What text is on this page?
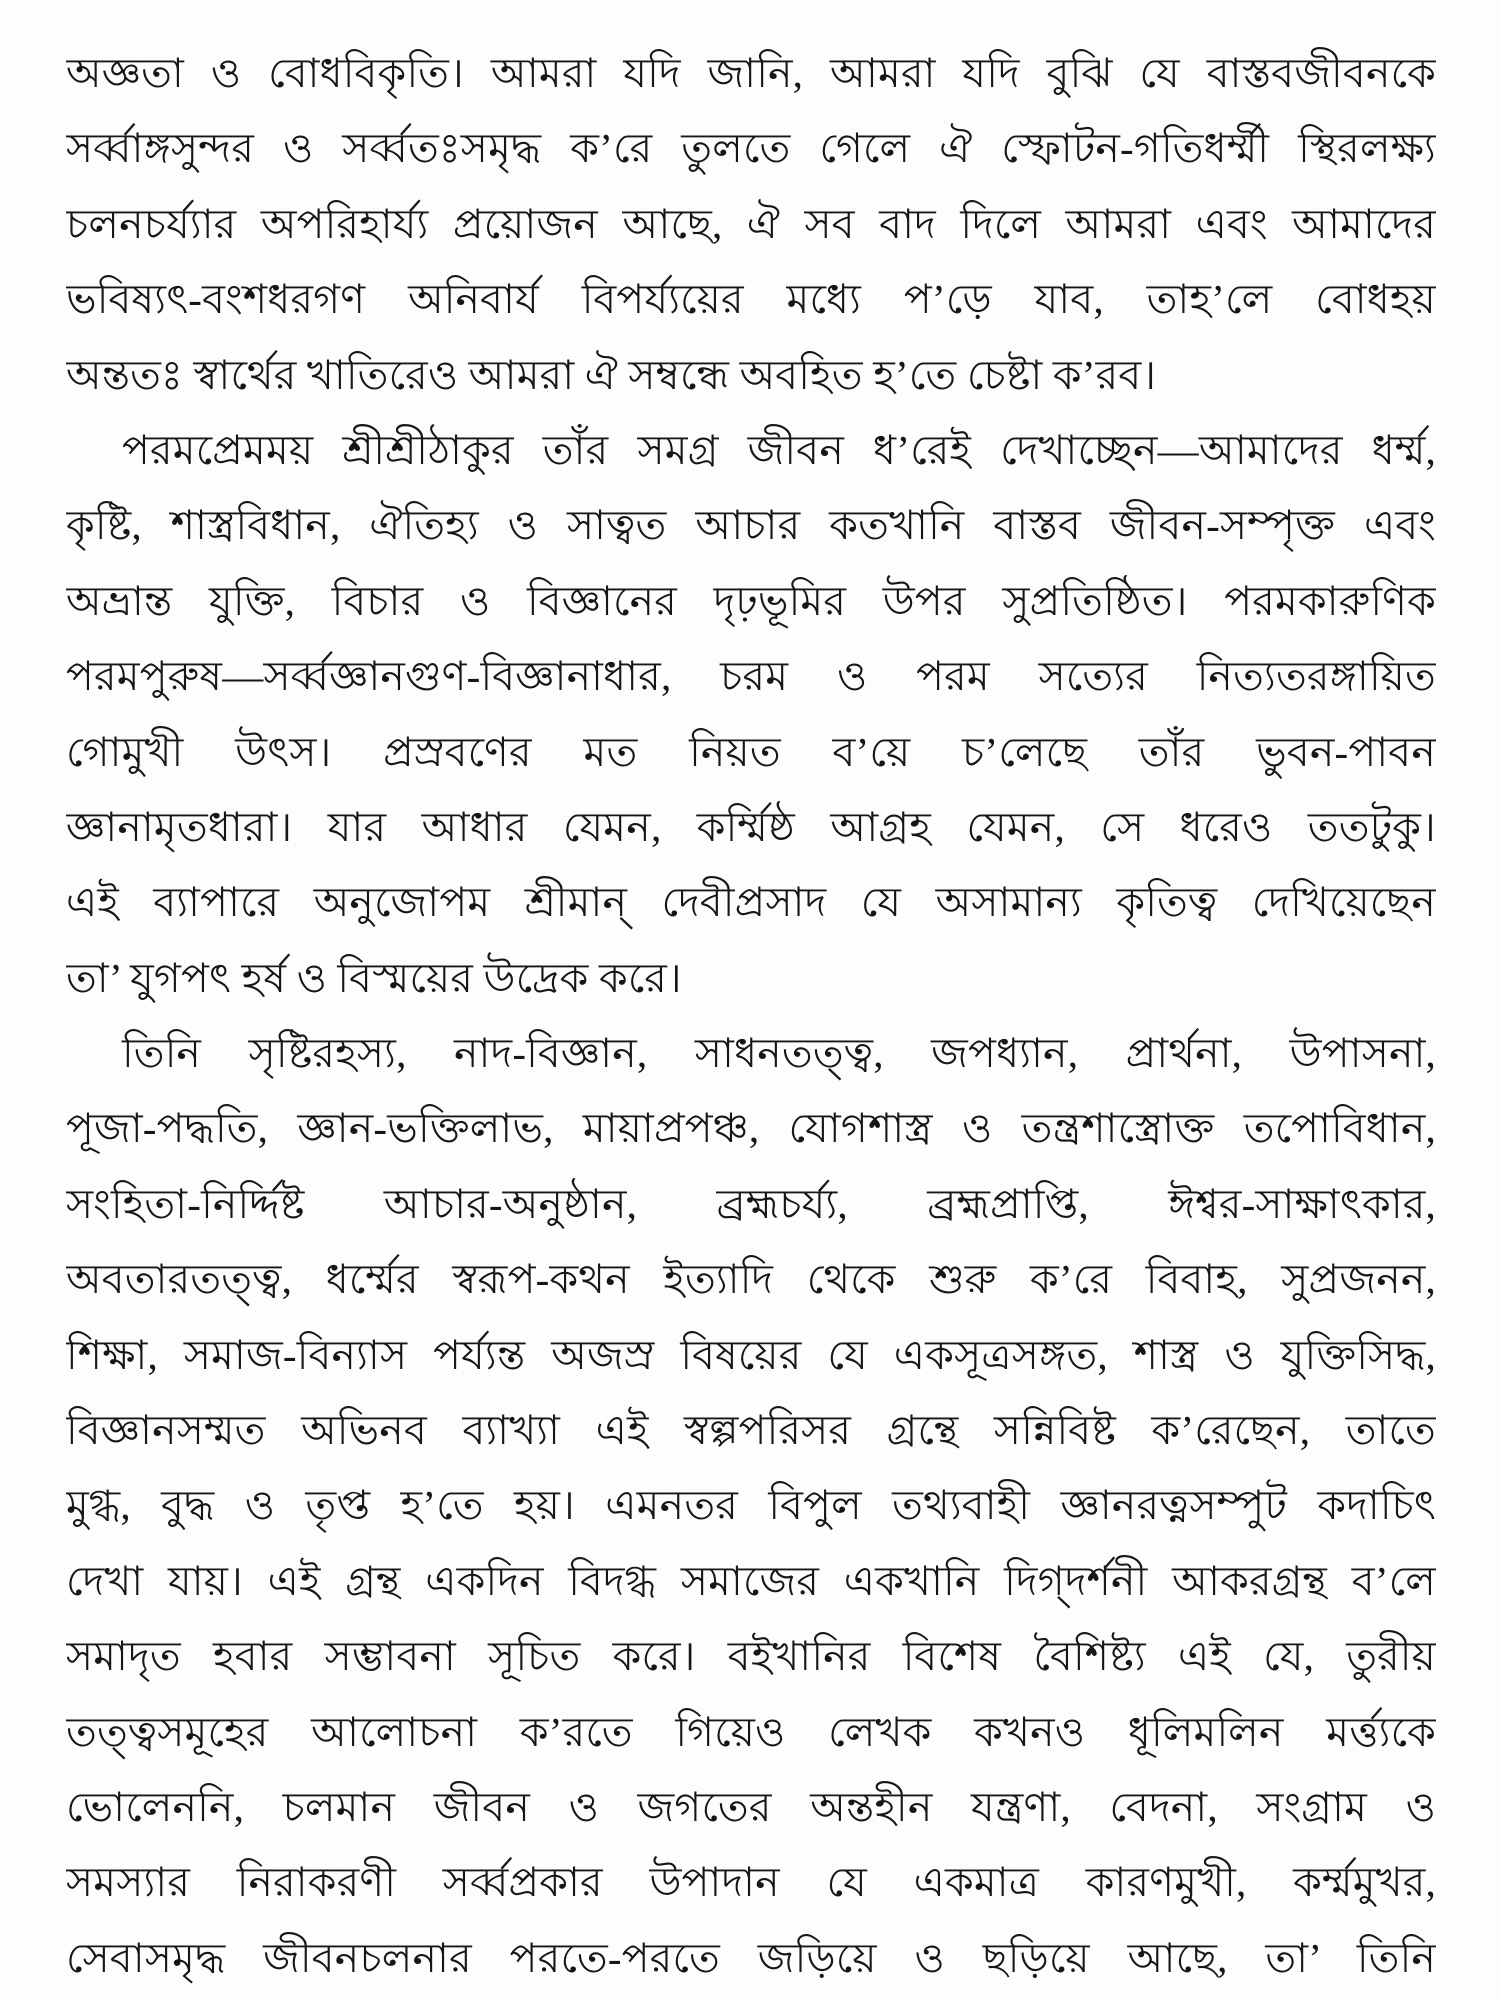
অজ্ঞতা ও বোধবিকৃতি। আমরা যদি জানি, আমরা যদি বুঝি যে বাস্তবজীবনকে
সর্ব্বাঙ্গসুন্দর ও সর্ব্বতঃসমৃদ্ধ ক’রে তুলতে গেলে ঐ স্ফোটন-গতিধর্ম্মী স্থিরলক্ষ্য
চলনচর্য্যার অপরিহার্য্য প্রয়োজন আছে, ঐ সব বাদ দিলে আমরা এবং আমাদের
ভবিষ্যৎ-বংশধরগণ অনিবার্য বিপর্য্যয়ের মধ্যে প’ড়ে যাব, তাহ’লে বোধহয়
অন্ততঃ স্বার্থের খাতিরেও আমরা ঐ সম্বন্ধে অবহিত হ’তে চেষ্টা ক’রব।
পরমপ্রেমময় শ্রীশ্রীঠাকুর তাঁর সমগ্র জীবন ধ’রেই দেখাচ্ছেন—আমাদের ধর্ম্ম,
কৃষ্টি, শাস্ত্রবিধান, ঐতিহ্য ও সাত্বত আচার কতখানি বাস্তব জীবন-সম্পৃক্ত এবং
অভ্রান্ত যুক্তি, বিচার ও বিজ্ঞানের দৃঢ়ভূমির উপর সুপ্রতিষ্ঠিত। পরমকারুণিক
পরমপুরুষ—সর্ব্বজ্ঞানগুণ-বিজ্ঞানাধার, চরম ও পরম সত্যের নিত্যতরঙ্গায়িত
গোমুখী উৎস। প্রস্রবণের মত নিয়ত ব’য়ে চ’লেছে তাঁর ভুবন-পাবন
জ্ঞানামৃতধারা। যার আধার যেমন, কর্ম্মিষ্ঠ আগ্রহ যেমন, সে ধরেও ততটুকু।
এই ব্যাপারে অনুজোপম শ্রীমান্‌ দেবীপ্রসাদ যে অসামান্য কৃতিত্ব দেখিয়েছেন
তা’ যুগপৎ হর্ষ ও বিস্ময়ের উদ্রেক করে।
তিনি সৃষ্টিরহস্য, নাদ-বিজ্ঞান, সাধনতত্ত্ব, জপধ্যান, প্রার্থনা, উপাসনা,
পূজা-পদ্ধতি, জ্ঞান-ভক্তিলাভ, মায়াপ্রপঞ্চ, যোগশাস্ত্র ও তন্ত্রশাস্ত্রোক্ত তপোবিধান,
সংহিতা-নির্দ্দিষ্ট আচার-অনুষ্ঠান, ব্রহ্মচর্য্য, ব্রহ্মপ্রাপ্তি, ঈশ্বর-সাক্ষাৎকার,
অবতারতত্ত্ব, ধর্ম্মের স্বরূপ-কথন ইত্যাদি থেকে শুরু ক’রে বিবাহ, সুপ্রজনন,
শিক্ষা, সমাজ-বিন্যাস পর্য্যন্ত অজস্র বিষয়ের যে একসূত্রসঙ্গত, শাস্ত্র ও যুক্তিসিদ্ধ,
বিজ্ঞানসম্মত অভিনব ব্যাখ্যা এই স্বল্পপরিসর গ্রন্থে সন্নিবিষ্ট ক’রেছেন, তাতে
মুগ্ধ, বুদ্ধ ও তৃপ্ত হ’তে হয়। এমনতর বিপুল তথ্যবাহী জ্ঞানরত্নসম্পুট কদাচিৎ
দেখা যায়। এই গ্রন্থ একদিন বিদগ্ধ সমাজের একখানি দিগ্‌দর্শনী আকরগ্রন্থ ব’লে
সমাদৃত হবার সম্ভাবনা সূচিত করে। বইখানির বিশেষ বৈশিষ্ট্য এই যে, তুরীয়
তত্ত্বসমূহের আলোচনা ক’রতে গিয়েও লেখক কখনও ধূলিমলিন মর্ত্ত্যকে
ভোলেননি, চলমান জীবন ও জগতের অন্তহীন যন্ত্রণা, বেদনা, সংগ্রাম ও
সমস্যার নিরাকরণী সর্ব্বপ্রকার উপাদান যে একমাত্র কারণমুখী, কর্ম্মমুখর,
সেবাসমৃদ্ধ জীবনচলনার পরতে-পরতে জড়িয়ে ও ছড়িয়ে আছে, তা’ তিনি
